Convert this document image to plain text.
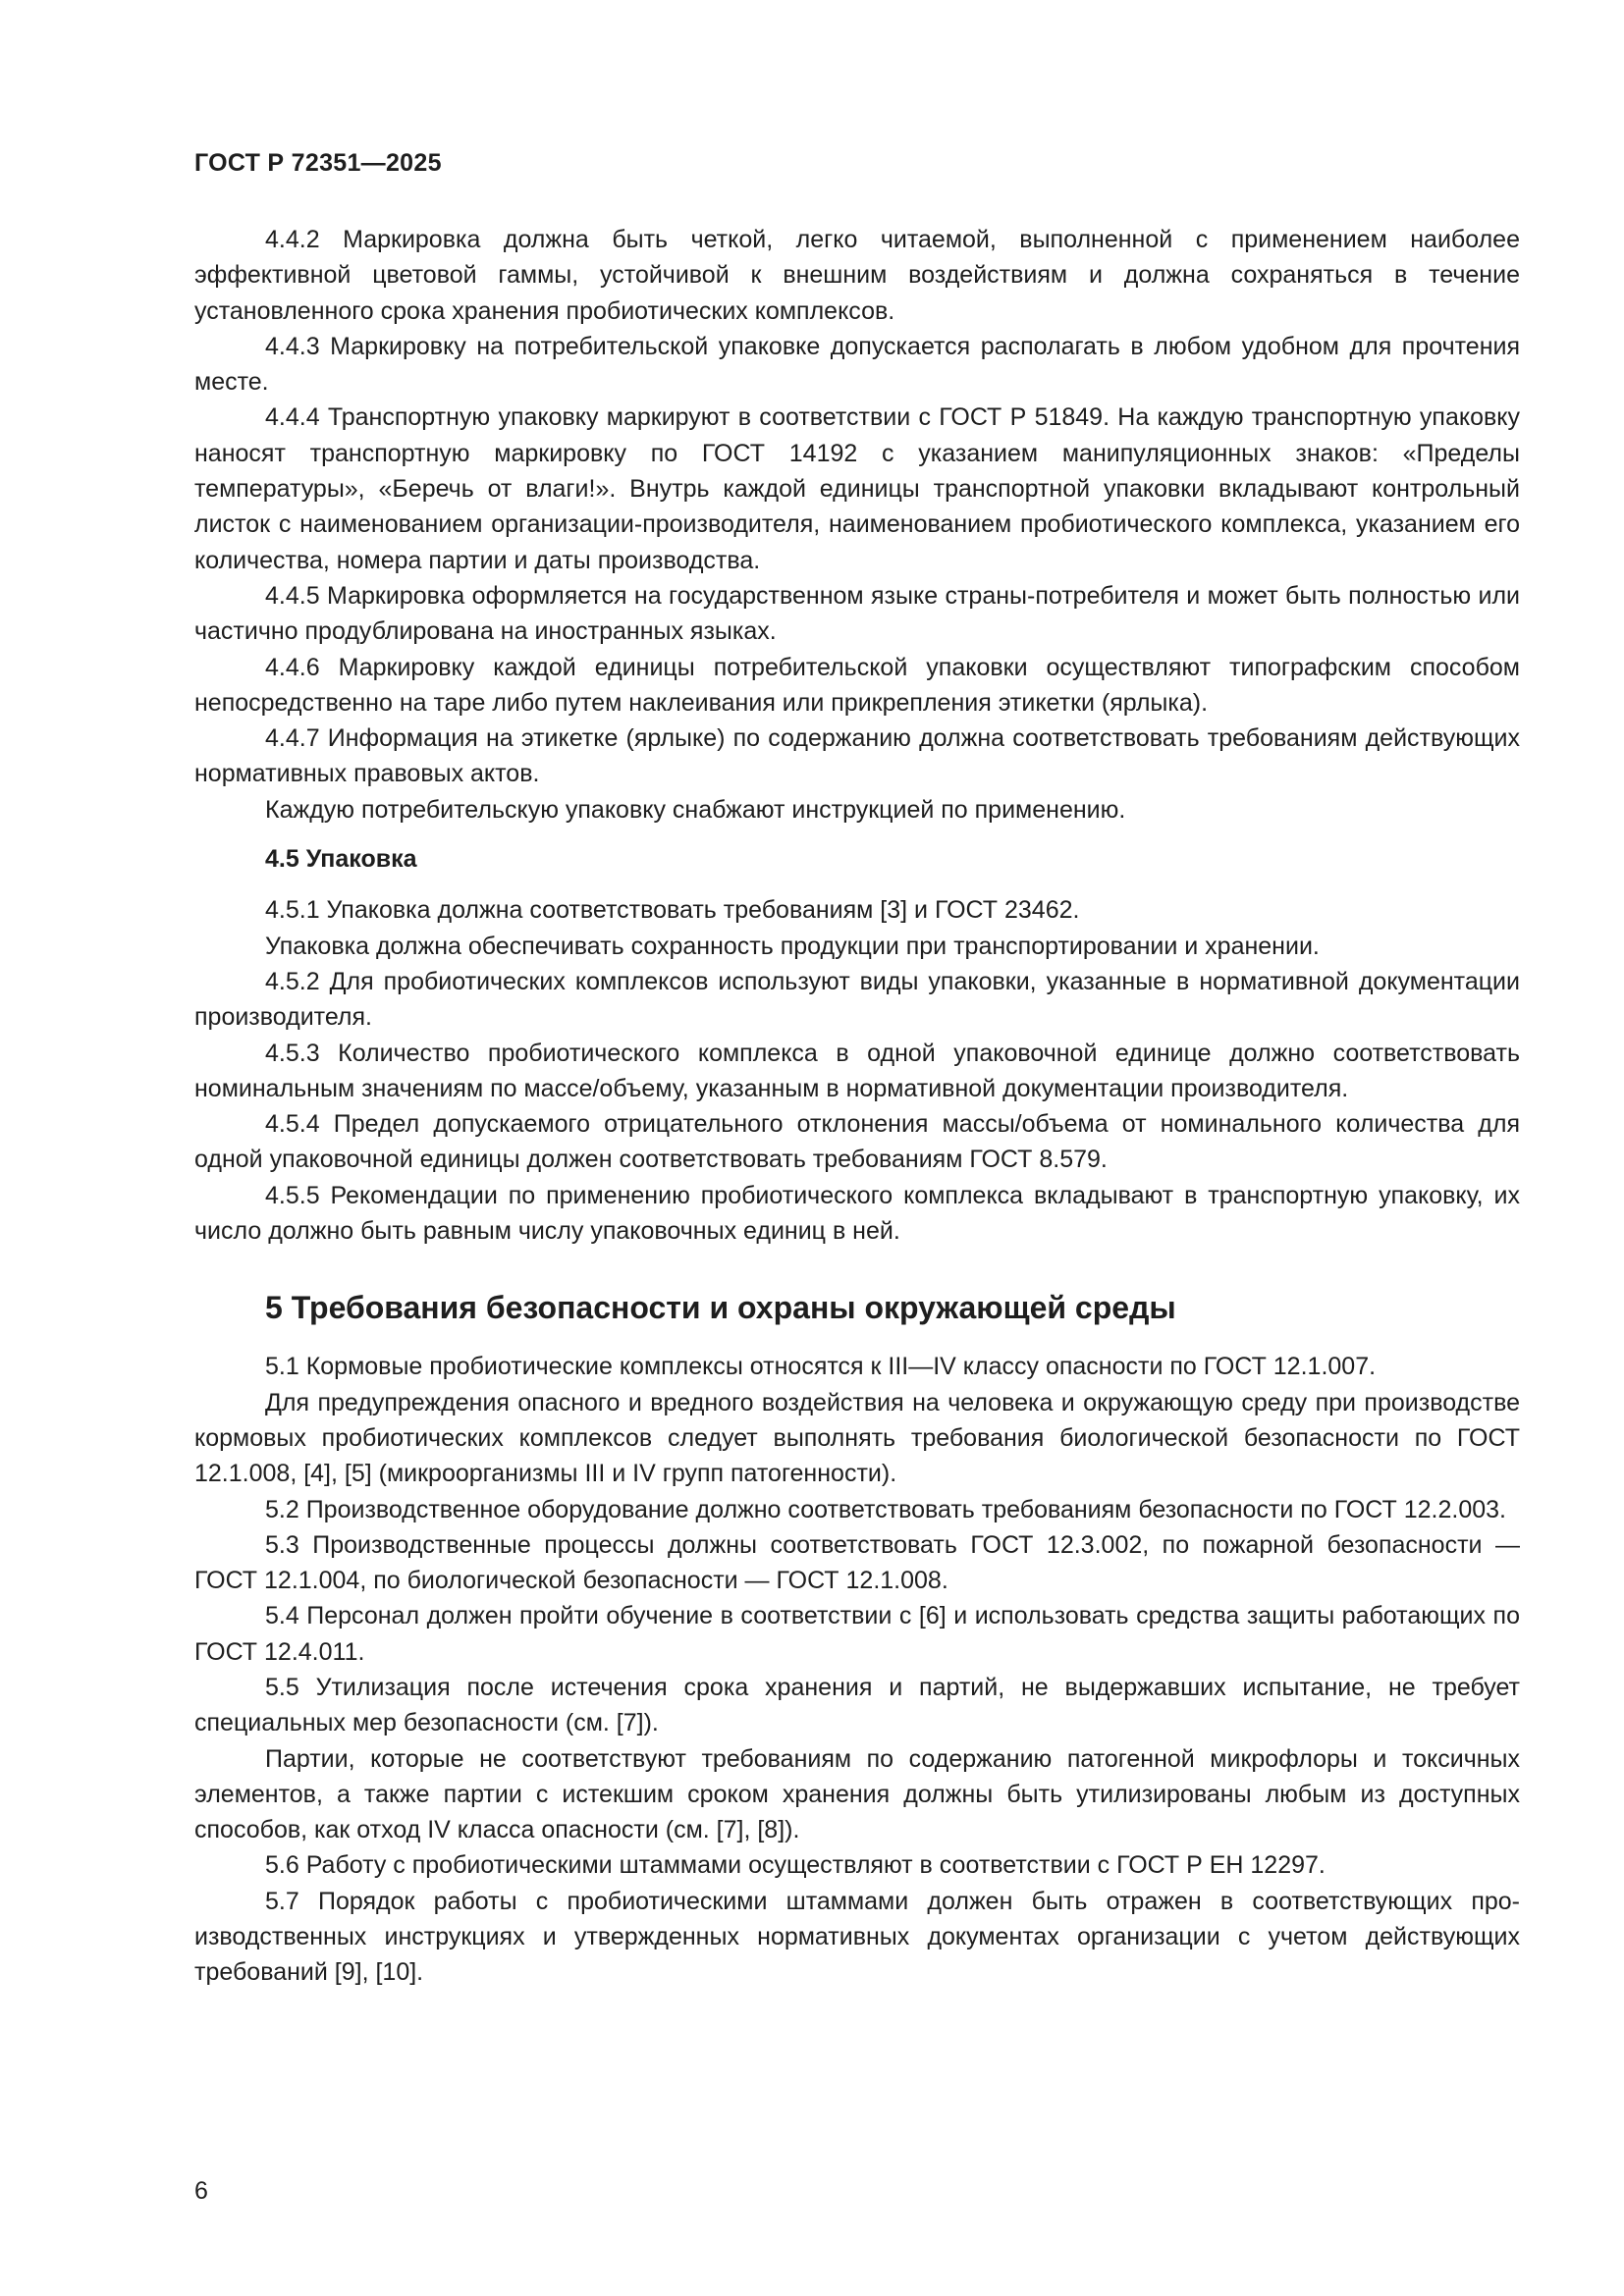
ГОСТ Р 72351—2025

4.4.2 Маркировка должна быть четкой, легко читаемой, выполненной с применением наиболее эффективной цветовой гаммы, устойчивой к внешним воздействиям и должна сохраняться в течение установленного срока хранения пробиотических комплексов.

4.4.3 Маркировку на потребительской упаковке допускается располагать в любом удобном для прочтения месте.

4.4.4 Транспортную упаковку маркируют в соответствии с ГОСТ Р 51849. На каждую транспортную упаковку наносят транспортную маркировку по ГОСТ 14192 с указанием манипуляционных знаков: «Пределы температуры», «Беречь от влаги!». Внутрь каждой единицы транспортной упаковки вкладывают контрольный листок с наименованием организации-производителя, наименованием пробиотического комплекса, указанием его количества, номера партии и даты производства.

4.4.5 Маркировка оформляется на государственном языке страны-потребителя и может быть полностью или частично продублирована на иностранных языках.

4.4.6 Маркировку каждой единицы потребительской упаковки осуществляют типографским способом непосредственно на таре либо путем наклеивания или прикрепления этикетки (ярлыка).

4.4.7 Информация на этикетке (ярлыке) по содержанию должна соответствовать требованиям действующих нормативных правовых актов.

Каждую потребительскую упаковку снабжают инструкцией по применению.

4.5 Упаковка

4.5.1 Упаковка должна соответствовать требованиям [3] и ГОСТ 23462.

Упаковка должна обеспечивать сохранность продукции при транспортировании и хранении.

4.5.2 Для пробиотических комплексов используют виды упаковки, указанные в нормативной документации производителя.

4.5.3 Количество пробиотического комплекса в одной упаковочной единице должно соответствовать номинальным значениям по массе/объему, указанным в нормативной документации производителя.

4.5.4 Предел допускаемого отрицательного отклонения массы/объема от номинального количества для одной упаковочной единицы должен соответствовать требованиям ГОСТ 8.579.

4.5.5 Рекомендации по применению пробиотического комплекса вкладывают в транспортную упаковку, их число должно быть равным числу упаковочных единиц в ней.

5 Требования безопасности и охраны окружающей среды

5.1 Кормовые пробиотические комплексы относятся к III—IV классу опасности по ГОСТ 12.1.007.

Для предупреждения опасного и вредного воздействия на человека и окружающую среду при производстве кормовых пробиотических комплексов следует выполнять требования биологической безопасности по ГОСТ 12.1.008, [4], [5] (микроорганизмы III и IV групп патогенности).

5.2 Производственное оборудование должно соответствовать требованиям безопасности по ГОСТ 12.2.003.

5.3 Производственные процессы должны соответствовать ГОСТ 12.3.002, по пожарной безопасности — ГОСТ 12.1.004, по биологической безопасности — ГОСТ 12.1.008.

5.4 Персонал должен пройти обучение в соответствии с [6] и использовать средства защиты работающих по ГОСТ 12.4.011.

5.5 Утилизация после истечения срока хранения и партий, не выдержавших испытание, не требует специальных мер безопасности (см. [7]).

Партии, которые не соответствуют требованиям по содержанию патогенной микрофлоры и токсичных элементов, а также партии с истекшим сроком хранения должны быть утилизированы любым из доступных способов, как отход IV класса опасности (см. [7], [8]).

5.6 Работу с пробиотическими штаммами осуществляют в соответствии с ГОСТ Р ЕН 12297.

5.7 Порядок работы с пробиотическими штаммами должен быть отражен в соответствующих производственных инструкциях и утвержденных нормативных документах организации с учетом действующих требований [9], [10].

6
